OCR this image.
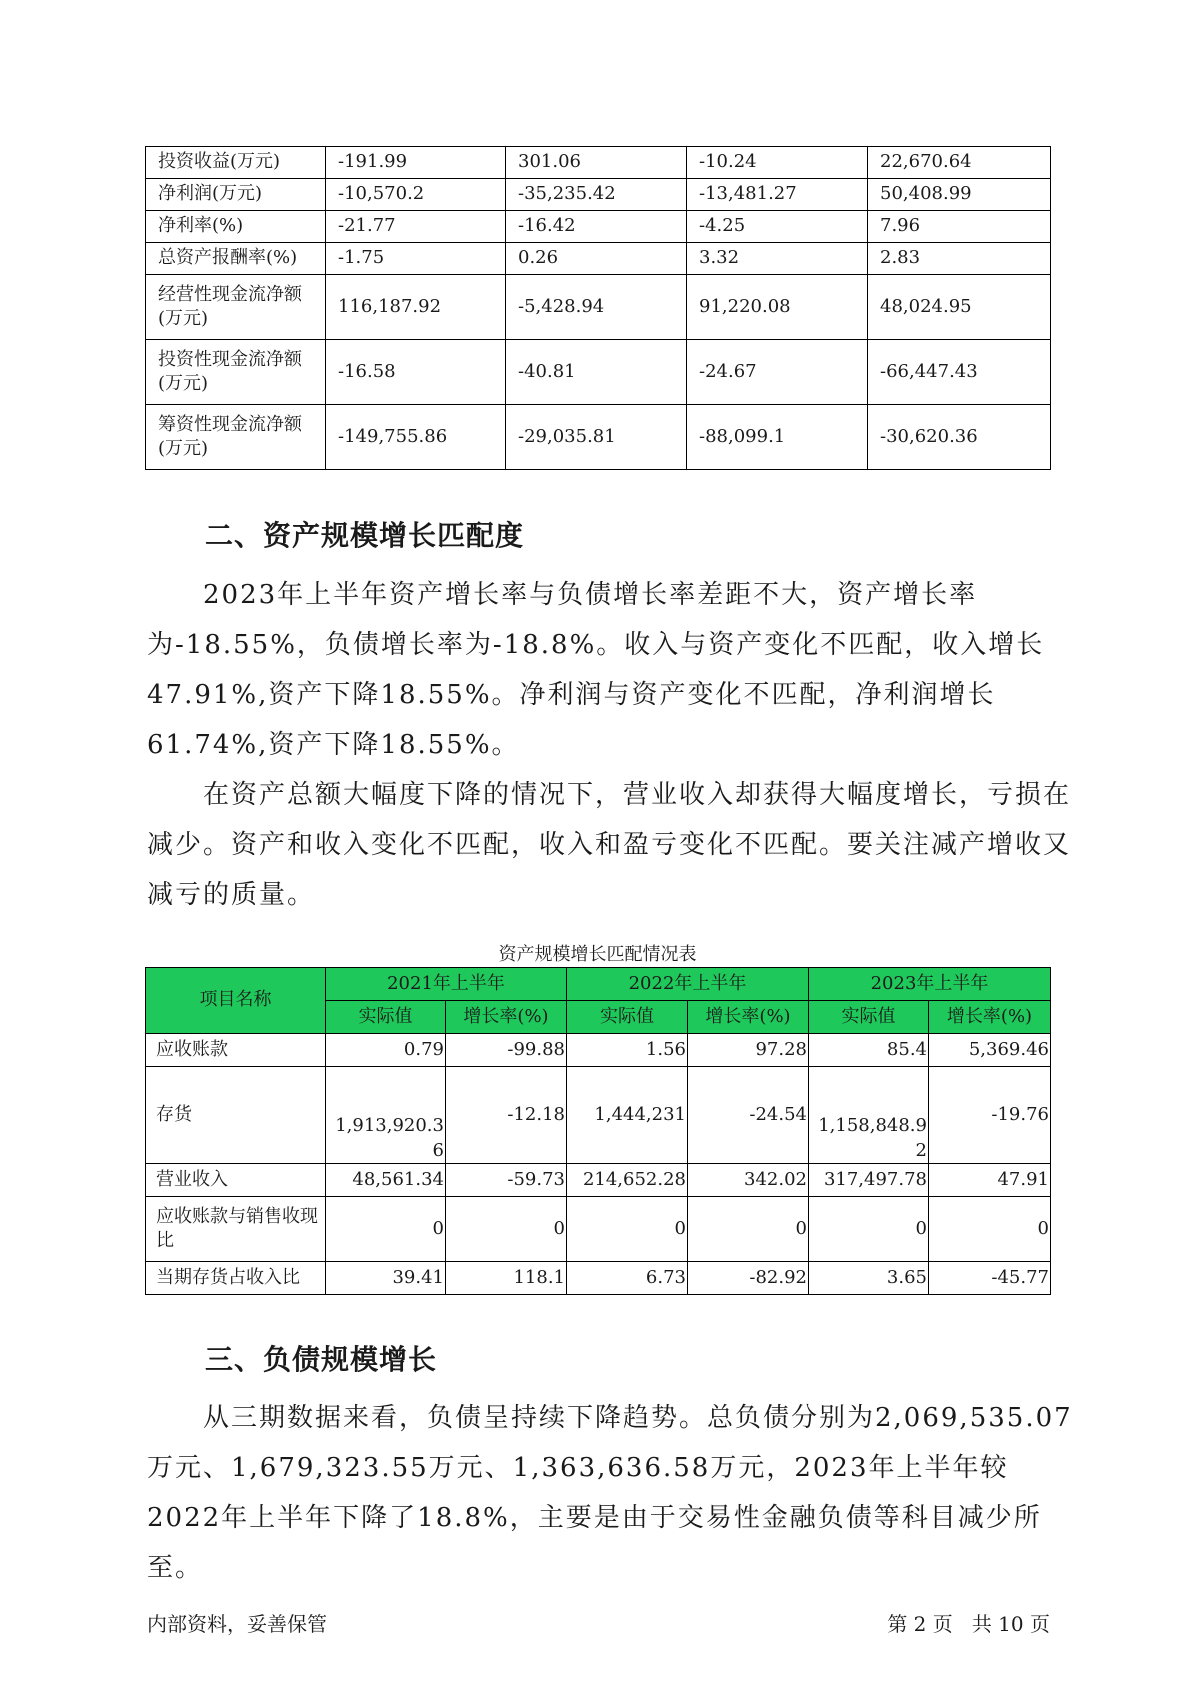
投资收益(万元)	-191.99	301.06	-10.24	22,670.64
净利润(万元)	-10,570.2	-35,235.42	-13,481.27	50,408.99
净利率(%)	-21.77	-16.42	-4.25	7.96
总资产报酬率(%)	-1.75	0.26	3.32	2.83
经营性现金流净额(万元)	116,187.92	-5,428.94	91,220.08	48,024.95
投资性现金流净额(万元)	-16.58	-40.81	-24.67	-66,447.43
筹资性现金流净额(万元)	-149,755.86	-29,035.81	-88,099.1	-30,620.36
二、资产规模增长匹配度

2023年上半年资产增长率与负债增长率差距不大，资产增长率为-18.55%，负债增长率为-18.8%。收入与资产变化不匹配，收入增长47.91%,资产下降18.55%。净利润与资产变化不匹配，净利润增长61.74%,资产下降18.55%。

在资产总额大幅度下降的情况下，营业收入却获得大幅度增长，亏损在减少。资产和收入变化不匹配，收入和盈亏变化不匹配。要关注减产增收又减亏的质量。

资产规模增长匹配情况表
项目名称	2021年上半年		2022年上半年		2023年上半年	
	实际值	增长率(%)	实际值	增长率(%)	实际值	增长率(%)
应收账款	0.79	-99.88	1.56	97.28	85.4	5,369.46
存货	1,913,920.36	-12.18	1,444,231	-24.54	1,158,848.92	-19.76
营业收入	48,561.34	-59.73	214,652.28	342.02	317,497.78	47.91
应收账款与销售收现比	0	0	0	0	0	0
当期存货占收入比	39.41	118.1	6.73	-82.92	3.65	-45.77
三、负债规模增长

从三期数据来看，负债呈持续下降趋势。总负债分别为2,069,535.07万元、1,679,323.55万元、1,363,636.58万元，2023年上半年较2022年上半年下降了18.8%，主要是由于交易性金融负债等科目减少所至。

内部资料，妥善保管	第 2 页   共 10 页
